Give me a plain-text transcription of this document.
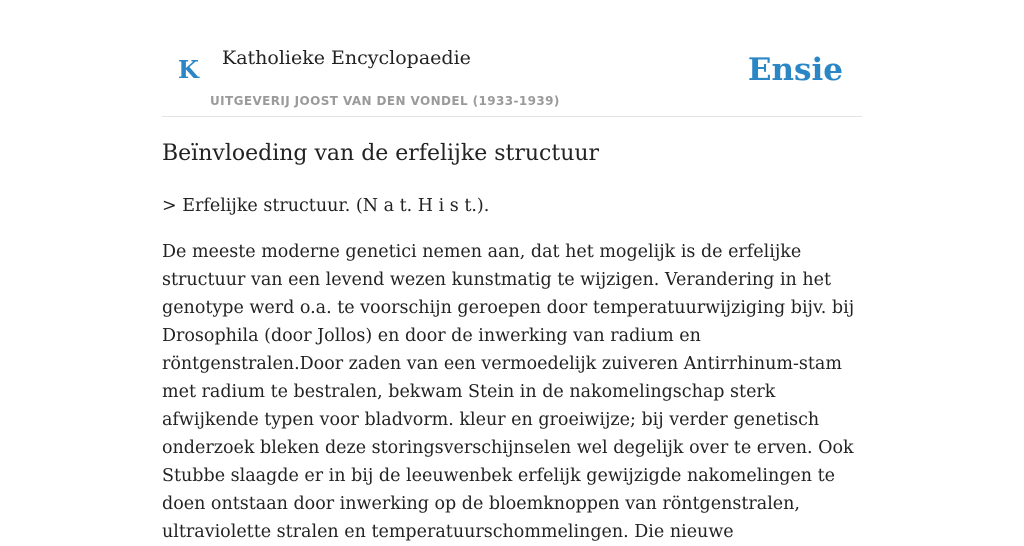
K Katholieke Encyclopaedie
UITGEVERIJ JOOST VAN DEN VONDEL (1933-1939)
Ensie
Beïnvloeding van de erfelijke structuur

> Erfelijke structuur. (N a t. H i s t.).

De meeste moderne genetici nemen aan, dat het mogelijk is de erfelijke structuur van een levend wezen kunstmatig te wijzigen. Verandering in het genotype werd o.a. te voorschijn geroepen door temperatuurwijziging bijv. bij Drosophila (door Jollos) en door de inwerking van radium en röntgenstralen.Door zaden van een vermoedelijk zuiveren Antirrhinum-stam met radium te bestralen, bekwam Stein in de nakomelingschap sterk afwijkende typen voor bladvorm. kleur en groeiwijze; bij verder genetisch onderzoek bleken deze storingsverschijnselen wel degelijk over te erven. Ook Stubbe slaagde er in bij de leeuwenbek erfelijk gewijzigde nakomelingen te doen ontstaan door inwerking op de bloemknoppen van röntgenstralen, ultraviolette stralen en temperatuurschommelingen. Die nieuwe
